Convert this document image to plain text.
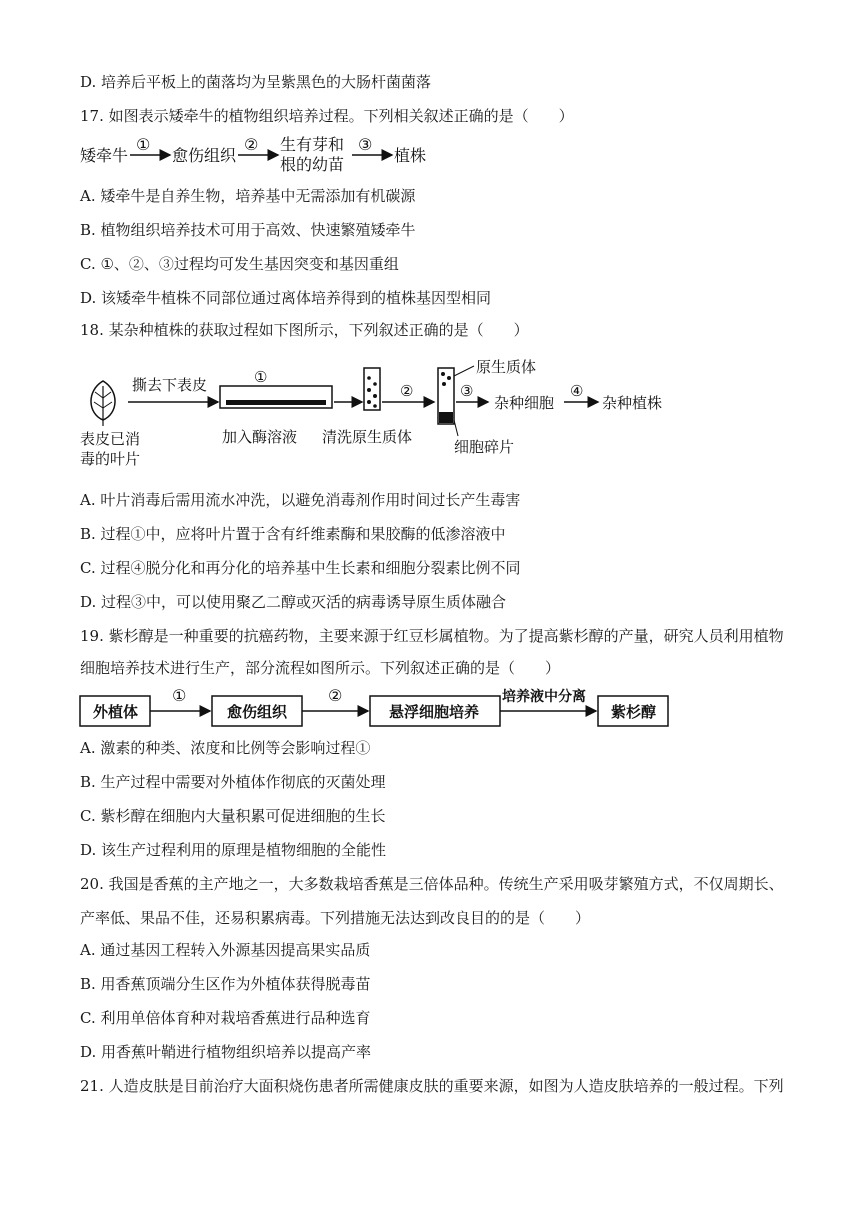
D. 培养后平板上的菌落均为呈紫黑色的大肠杆菌菌落
17. 如图表示矮牵牛的植物组织培养过程。下列相关叙述正确的是（　　）
矮牵牛
①
愈伤组织
② 生有芽和
根的幼苗
③
植株
A. 矮牵牛是自养生物，培养基中无需添加有机碳源
B. 植物组织培养技术可用于高效、快速繁殖矮牵牛
C. ①、②、③过程均可发生基因突变和基因重组
D. 该矮牵牛植株不同部位通过离体培养得到的植株基因型相同
18. 某杂种植株的获取过程如下图所示，下列叙述正确的是（　　）
表皮已消
毒的叶片
撕去下表皮	①
加入酶溶液 清洗原生质体
②
原生质体
细胞碎片
③
杂种细胞
④
杂种植株
A. 叶片消毒后需用流水冲洗，以避免消毒剂作用时间过长产生毒害
B. 过程①中，应将叶片置于含有纤维素酶和果胶酶的低渗溶液中
C. 过程④脱分化和再分化的培养基中生长素和细胞分裂素比例不同
D. 过程③中，可以使用聚乙二醇或灭活的病毒诱导原生质体融合
19. 紫杉醇是一种重要的抗癌药物，主要来源于红豆杉属植物。为了提高紫杉醇的产量，研究人员利用植物
细胞培养技术进行生产，部分流程如图所示。下列叙述正确的是（　　）
外植体
①
愈伤组织
②
悬浮细胞培养
培养液中分离
紫杉醇
A. 激素的种类、浓度和比例等会影响过程①
B. 生产过程中需要对外植体作彻底的灭菌处理
C. 紫杉醇在细胞内大量积累可促进细胞的生长
D. 该生产过程利用的原理是植物细胞的全能性
20. 我国是香蕉的主产地之一，大多数栽培香蕉是三倍体品种。传统生产采用吸芽繁殖方式，不仅周期长、
产率低、果品不佳，还易积累病毒。下列措施无法达到改良目的的是（　　）
A. 通过基因工程转入外源基因提高果实品质
B. 用香蕉顶端分生区作为外植体获得脱毒苗
C. 利用单倍体育种对栽培香蕉进行品种选育
D. 用香蕉叶鞘进行植物组织培养以提高产率
21. 人造皮肤是目前治疗大面积烧伤患者所需健康皮肤的重要来源，如图为人造皮肤培养的一般过程。下列
